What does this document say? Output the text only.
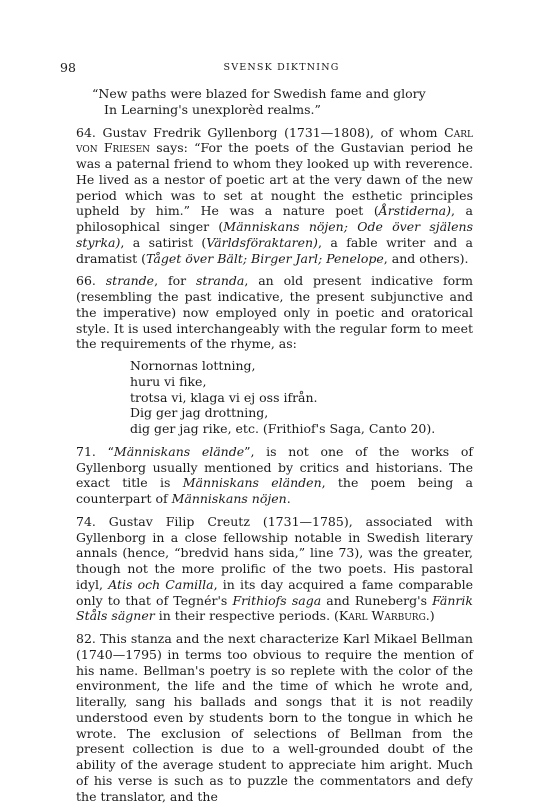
98	SVENSK DIKTNING
“New paths were blazed for Swedish fame and glory
In Learning's unexplorèd realms.”
64. Gustav Fredrik Gyllenborg (1731—1808), of whom Carl von Friesen says: “For the poets of the Gustavian period he was a paternal friend to whom they looked up with reverence. He lived as a nestor of poetic art at the very dawn of the new period which was to set at nought the esthetic principles upheld by him.” He was a nature poet (Årstiderna), a philosophical singer (Människans nöjen; Ode över själens styrka), a satirist (Världsföraktaren), a fable writer and a dramatist (Tåget över Bält; Birger Jarl; Penelope, and others).
66. strande, for stranda, an old present indicative form (resembling the past indicative, the present subjunctive and the imperative) now employed only in poetic and oratorical style. It is used interchangeably with the regular form to meet the requirements of the rhyme, as:
Nornornas lottning,
huru vi fike,
trotsa vi, klaga vi ej oss ifrån.
Dig ger jag drottning,
dig ger jag rike, etc. (Frithiof's Saga, Canto 20).
71. “Människans elände”, is not one of the works of Gyllenborg usually mentioned by critics and historians. The exact title is Människans eländen, the poem being a counterpart of Människans nöjen.
74. Gustav Filip Creutz (1731—1785), associated with Gyllenborg in a close fellowship notable in Swedish literary annals (hence, “bredvid hans sida,” line 73), was the greater, though not the more prolific of the two poets. His pastoral idyl, Atis och Camilla, in its day acquired a fame comparable only to that of Tegnér's Frithiofs saga and Runeberg's Fänrik Ståls sägner in their respective periods. (Karl Warburg.)
82. This stanza and the next characterize Karl Mikael Bellman (1740—1795) in terms too obvious to require the mention of his name. Bellman's poetry is so replete with the color of the environment, the life and the time of which he wrote and, literally, sang his ballads and songs that it is not readily understood even by students born to the tongue in which he wrote. The exclusion of selections of Bellman from the present collection is due to a well-grounded doubt of the ability of the average student to appreciate him aright. Much of his verse is such as to puzzle the commentators and defy the translator, and the
